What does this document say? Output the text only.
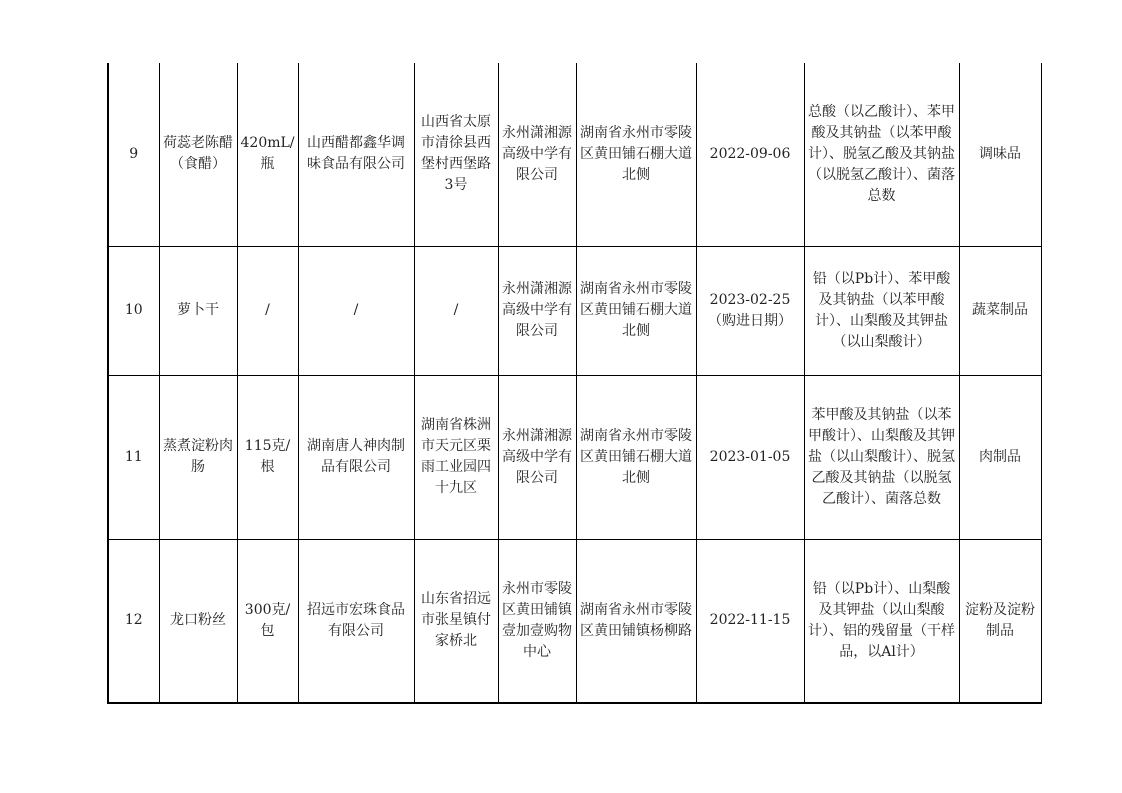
9	荷蕊老陈醋（食醋）	420mL/瓶	山西醋都鑫华调味食品有限公司	山西省太原市清徐县西堡村西堡路3号	永州潇湘源高级中学有限公司	湖南省永州市零陵区黄田铺石棚大道北侧	2022-09-06	总酸（以乙酸计）、苯甲酸及其钠盐（以苯甲酸计）、脱氢乙酸及其钠盐（以脱氢乙酸计）、菌落总数	调味品
10	萝卜干	/	/	/	永州潇湘源高级中学有限公司	湖南省永州市零陵区黄田铺石棚大道北侧	2023-02-25（购进日期）	铅（以Pb计）、苯甲酸及其钠盐（以苯甲酸计）、山梨酸及其钾盐（以山梨酸计）	蔬菜制品
11	蒸煮淀粉肉肠	115克/根	湖南唐人神肉制品有限公司	湖南省株洲市天元区栗雨工业园四十九区	永州潇湘源高级中学有限公司	湖南省永州市零陵区黄田铺石棚大道北侧	2023-01-05	苯甲酸及其钠盐（以苯甲酸计）、山梨酸及其钾盐（以山梨酸计）、脱氢乙酸及其钠盐（以脱氢乙酸计）、菌落总数	肉制品
12	龙口粉丝	300克/包	招远市宏珠食品有限公司	山东省招远市张星镇付家桥北	永州市零陵区黄田铺镇壹加壹购物中心	湖南省永州市零陵区黄田铺镇杨柳路	2022-11-15	铅（以Pb计）、山梨酸及其钾盐（以山梨酸计）、铝的残留量（干样品，以Al计）	淀粉及淀粉制品
